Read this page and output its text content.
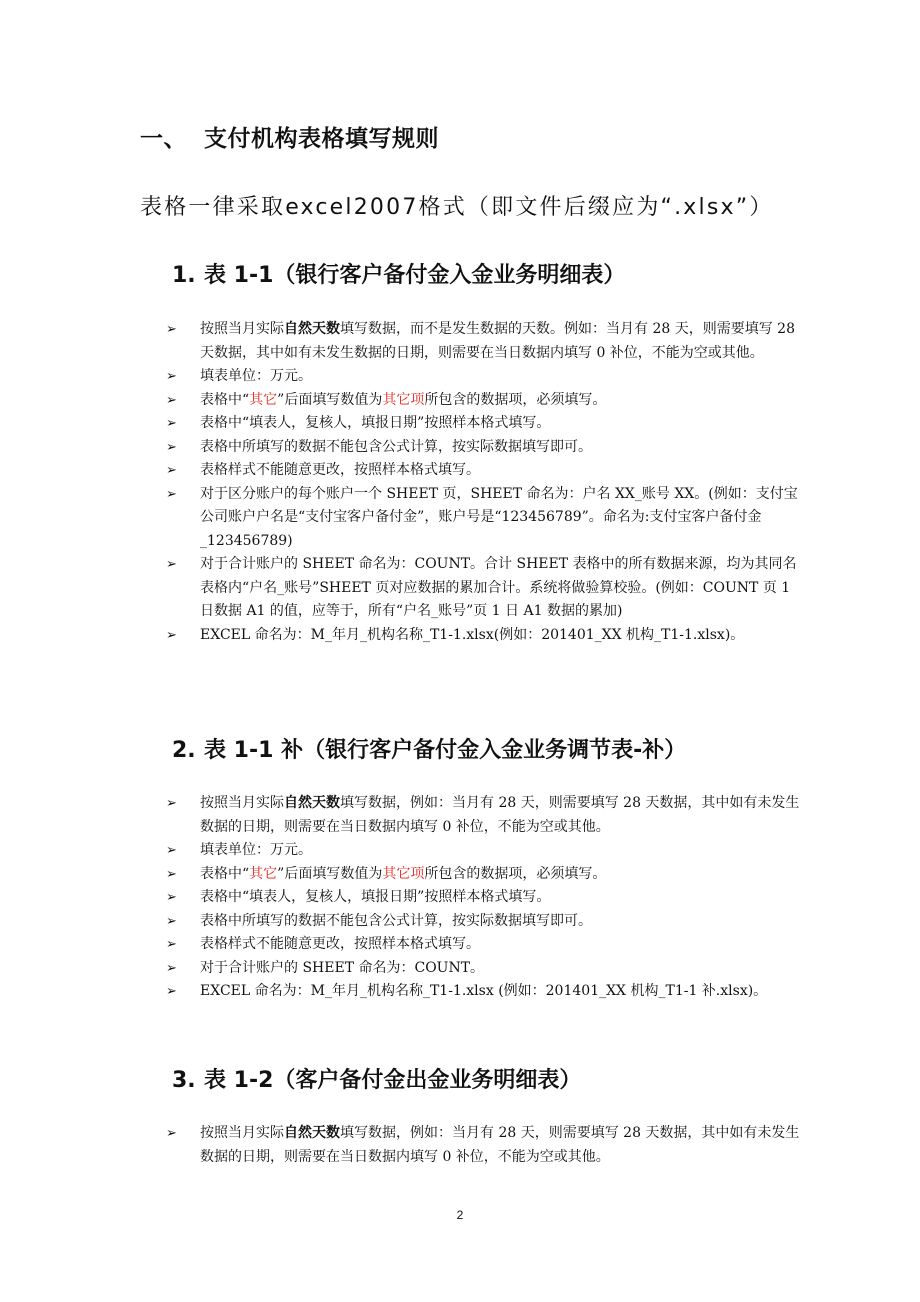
一、 支付机构表格填写规则
表格一律采取excel2007格式（即文件后缀应为“.xlsx”）
1. 表 1-1（银行客户备付金入金业务明细表）
➢ 按照当月实际自然天数填写数据，而不是发生数据的天数。例如：当月有 28 天，则需要填写 28 天数据，其中如有未发生数据的日期，则需要在当日数据内填写 0 补位，不能为空或其他。
➢ 填表单位：万元。
➢ 表格中“其它”后面填写数值为其它项所包含的数据项，必须填写。
➢ 表格中“填表人，复核人，填报日期”按照样本格式填写。
➢ 表格中所填写的数据不能包含公式计算，按实际数据填写即可。
➢ 表格样式不能随意更改，按照样本格式填写。
➢ 对于区分账户的每个账户一个 SHEET 页，SHEET 命名为：户名 XX_账号 XX。(例如：支付宝公司账户户名是“支付宝客户备付金”，账户号是“123456789”。命名为:支付宝客户备付金_123456789)
➢ 对于合计账户的 SHEET 命名为：COUNT。合计 SHEET 表格中的所有数据来源，均为其同名表格内“户名_账号”SHEET 页对应数据的累加合计。系统将做验算校验。(例如：COUNT 页 1 日数据 A1 的值，应等于，所有“户名_账号”页 1 日 A1 数据的累加)
➢ EXCEL 命名为：M_年月_机构名称_T1-1.xlsx(例如：201401_XX 机构_T1-1.xlsx)。
2. 表 1-1 补（银行客户备付金入金业务调节表-补）
➢ 按照当月实际自然天数填写数据，例如：当月有 28 天，则需要填写 28 天数据，其中如有未发生数据的日期，则需要在当日数据内填写 0 补位，不能为空或其他。
➢ 填表单位：万元。
➢ 表格中“其它”后面填写数值为其它项所包含的数据项，必须填写。
➢ 表格中“填表人，复核人，填报日期”按照样本格式填写。
➢ 表格中所填写的数据不能包含公式计算，按实际数据填写即可。
➢ 表格样式不能随意更改，按照样本格式填写。
➢ 对于合计账户的 SHEET 命名为：COUNT。
➢ EXCEL 命名为：M_年月_机构名称_T1-1.xlsx (例如：201401_XX 机构_T1-1 补.xlsx)。
3. 表 1-2（客户备付金出金业务明细表）
➢ 按照当月实际自然天数填写数据，例如：当月有 28 天，则需要填写 28 天数据，其中如有未发生数据的日期，则需要在当日数据内填写 0 补位，不能为空或其他。
2
